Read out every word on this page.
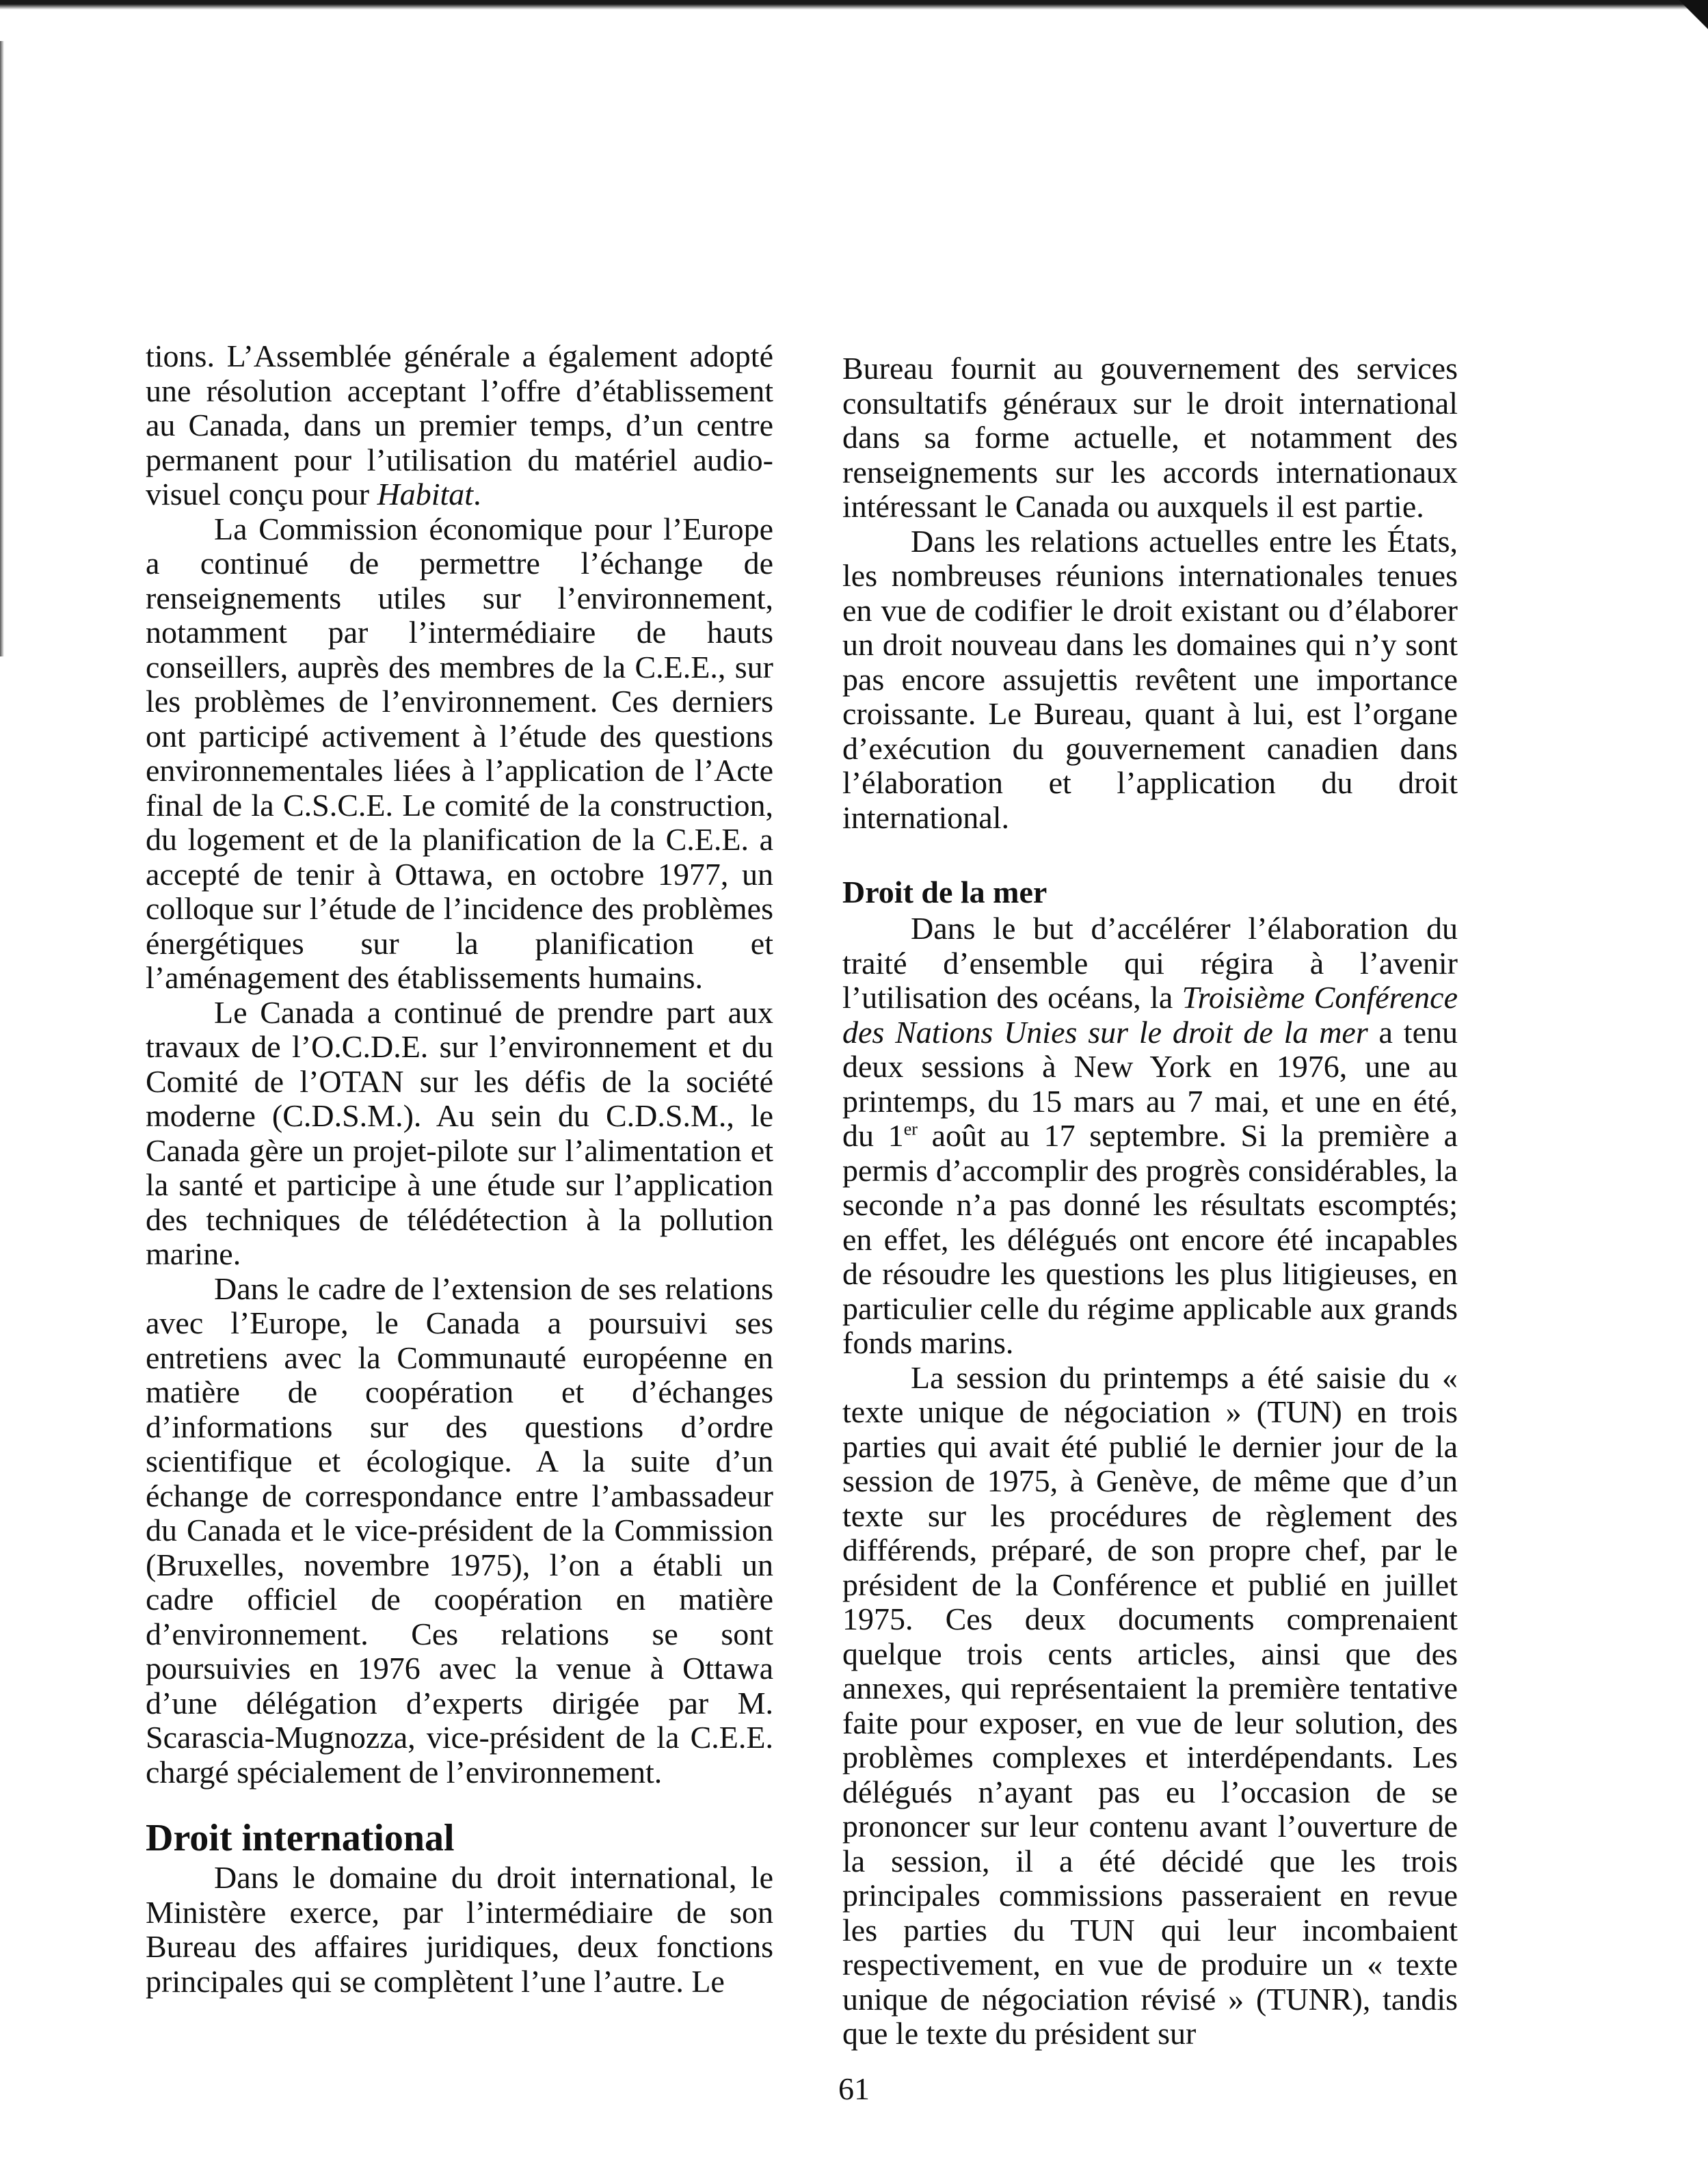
tions. L’Assemblée générale a également adopté une résolution acceptant l’offre d’établissement au Canada, dans un premier temps, d’un centre permanent pour l’utilisation du matériel audio-visuel conçu pour Habitat.

La Commission économique pour l’Europe a continué de permettre l’échange de renseignements utiles sur l’environnement, notamment par l’intermédiaire de hauts conseillers, auprès des membres de la C.E.E., sur les problèmes de l’environnement. Ces derniers ont participé activement à l’étude des questions environnementales liées à l’application de l’Acte final de la C.S.C.E. Le comité de la construction, du logement et de la planification de la C.E.E. a accepté de tenir à Ottawa, en octobre 1977, un colloque sur l’étude de l’incidence des problèmes énergétiques sur la planification et l’aménagement des établissements humains.

Le Canada a continué de prendre part aux travaux de l’O.C.D.E. sur l’environnement et du Comité de l’OTAN sur les défis de la société moderne (C.D.S.M.). Au sein du C.D.S.M., le Canada gère un projet-pilote sur l’alimentation et la santé et participe à une étude sur l’application des techniques de télédétection à la pollution marine.

Dans le cadre de l’extension de ses relations avec l’Europe, le Canada a poursuivi ses entretiens avec la Communauté européenne en matière de coopération et d’échanges d’informations sur des questions d’ordre scientifique et écologique. A la suite d’un échange de correspondance entre l’ambassadeur du Canada et le vice-président de la Commission (Bruxelles, novembre 1975), l’on a établi un cadre officiel de coopération en matière d’environnement. Ces relations se sont poursuivies en 1976 avec la venue à Ottawa d’une délégation d’experts dirigée par M. Scarascia-Mugnozza, vice-président de la C.E.E. chargé spécialement de l’environnement.

Droit international

Dans le domaine du droit international, le Ministère exerce, par l’intermédiaire de son Bureau des affaires juridiques, deux fonctions principales qui se complètent l’une l’autre. Le

Bureau fournit au gouvernement des services consultatifs généraux sur le droit international dans sa forme actuelle, et notamment des renseignements sur les accords internationaux intéressant le Canada ou auxquels il est partie.

Dans les relations actuelles entre les États, les nombreuses réunions internationales tenues en vue de codifier le droit existant ou d’élaborer un droit nouveau dans les domaines qui n’y sont pas encore assujettis revêtent une importance croissante. Le Bureau, quant à lui, est l’organe d’exécution du gouvernement canadien dans l’élaboration et l’application du droit international.

Droit de la mer

Dans le but d’accélérer l’élaboration du traité d’ensemble qui régira à l’avenir l’utilisation des océans, la Troisième Conférence des Nations Unies sur le droit de la mer a tenu deux sessions à New York en 1976, une au printemps, du 15 mars au 7 mai, et une en été, du 1er août au 17 septembre. Si la première a permis d’accomplir des progrès considérables, la seconde n’a pas donné les résultats escomptés; en effet, les délégués ont encore été incapables de résoudre les questions les plus litigieuses, en particulier celle du régime applicable aux grands fonds marins.

La session du printemps a été saisie du « texte unique de négociation » (TUN) en trois parties qui avait été publié le dernier jour de la session de 1975, à Genève, de même que d’un texte sur les procédures de règlement des différends, préparé, de son propre chef, par le président de la Conférence et publié en juillet 1975. Ces deux documents comprenaient quelque trois cents articles, ainsi que des annexes, qui représentaient la première tentative faite pour exposer, en vue de leur solution, des problèmes complexes et interdépendants. Les délégués n’ayant pas eu l’occasion de se prononcer sur leur contenu avant l’ouverture de la session, il a été décidé que les trois principales commissions passeraient en revue les parties du TUN qui leur incombaient respectivement, en vue de produire un « texte unique de négociation révisé » (TUNR), tandis que le texte du président sur

61
